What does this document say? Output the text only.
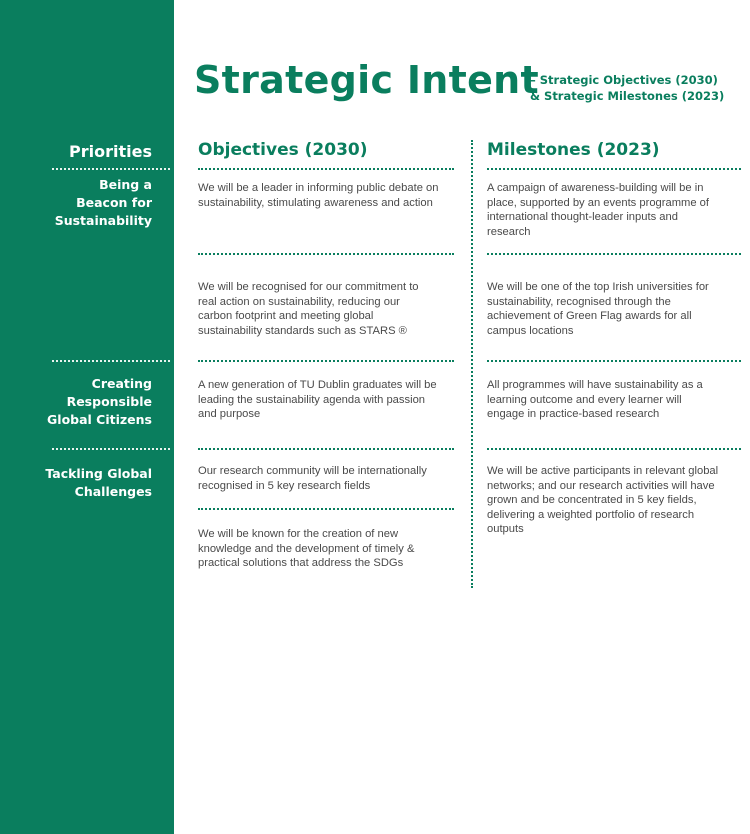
Strategic Intent
– Strategic Objectives (2030)
& Strategic Milestones (2023)
Priorities	Objectives (2030)	Milestones (2023)
Being a
Beacon for
Sustainability
We will be a leader in informing public debate on sustainability, stimulating awareness and action
A campaign of awareness-building will be in place, supported by an events programme of international thought-leader inputs and research
We will be recognised for our commitment to real action on sustainability, reducing our carbon footprint and meeting global sustainability standards such as STARS ®
We will be one of the top Irish universities for sustainability, recognised through the achievement of Green Flag awards for all campus locations
Creating
Responsible
Global Citizens
A new generation of TU Dublin graduates will be leading the sustainability agenda with passion and purpose
All programmes will have sustainability as a learning outcome and every learner will engage in practice-based research
Tackling Global
Challenges
Our research community will be internationally recognised in 5 key research fields
We will be active participants in relevant global networks; and our research activities will have grown and be concentrated in 5 key fields, delivering a weighted portfolio of research outputs
We will be known for the creation of new knowledge and the development of timely & practical solutions that address the SDGs
